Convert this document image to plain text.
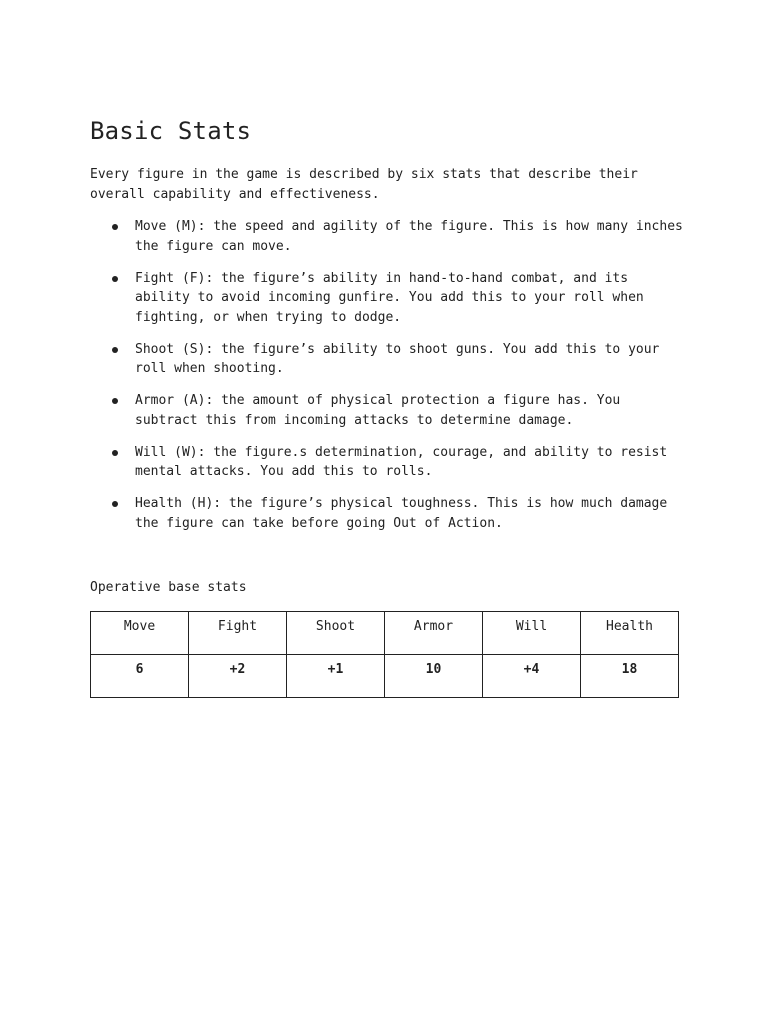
Basic Stats

Every figure in the game is described by six stats that describe their overall capability and effectiveness.

Move (M): the speed and agility of the figure. This is how many inches the figure can move.
Fight (F): the figure’s ability in hand-to-hand combat, and its ability to avoid incoming gunfire. You add this to your roll when fighting, or when trying to dodge.
Shoot (S): the figure’s ability to shoot guns. You add this to your roll when shooting.
Armor (A): the amount of physical protection a figure has. You subtract this from incoming attacks to determine damage.
Will (W): the figure.s determination, courage, and ability to resist mental attacks. You add this to rolls.
Health (H): the figure’s physical toughness. This is how much damage the figure can take before going Out of Action.
Operative base stats
Move	Fight	Shoot	Armor	Will	Health
6	+2	+1	10	+4	18
